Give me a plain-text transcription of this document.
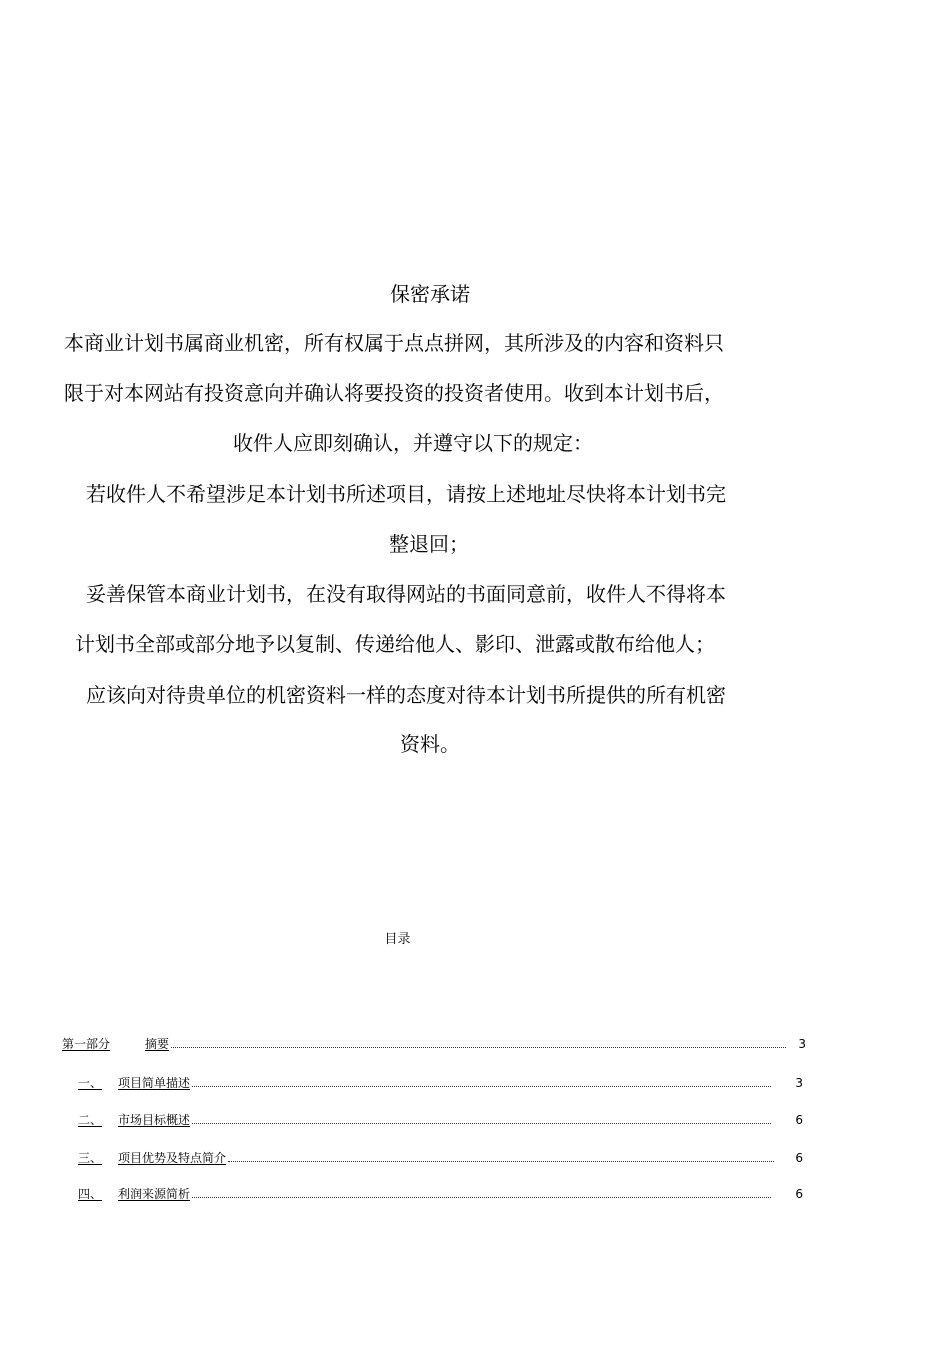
保密承诺
本商业计划书属商业机密，所有权属于点点拼网，其所涉及的内容和资料只
限于对本网站有投资意向并确认将要投资的投资者使用。收到本计划书后，
收件人应即刻确认，并遵守以下的规定：
若收件人不希望涉足本计划书所述项目，请按上述地址尽快将本计划书完
整退回；
妥善保管本商业计划书，在没有取得网站的书面同意前，收件人不得将本
计划书全部或部分地予以复制、传递给他人、影印、泄露或散布给他人；
应该向对待贵单位的机密资料一样的态度对待本计划书所提供的所有机密
资料。
目录
第一部分	摘要	3
一、	项目简单描述	3
二、	市场目标概述	6
三、	项目优势及特点简介	6
四、	利润来源简析	6
